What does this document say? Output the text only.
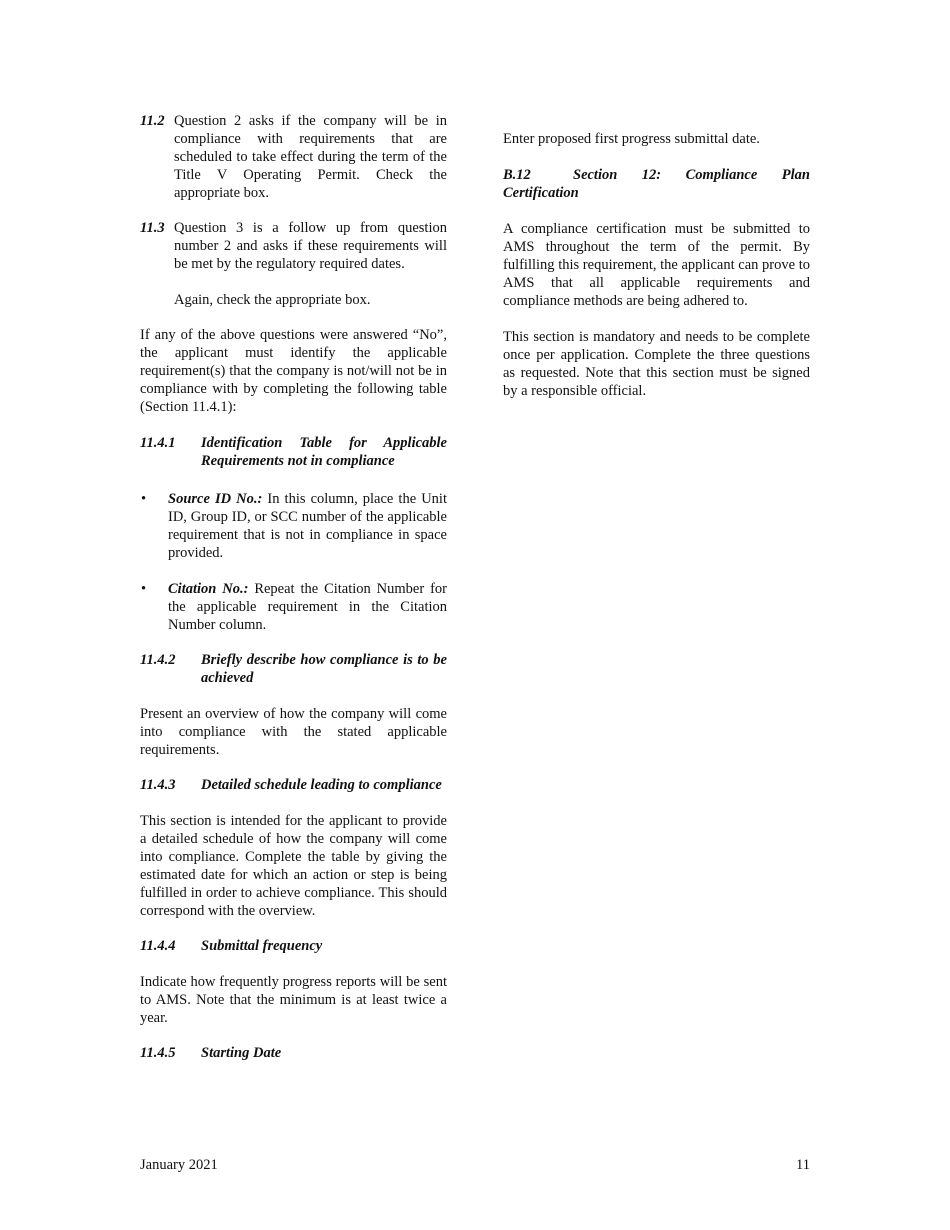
11.2 Question 2 asks if the company will be in compliance with requirements that are scheduled to take effect during the term of the Title V Operating Permit. Check the appropriate box.

11.3 Question 3 is a follow up from question number 2 and asks if these requirements will be met by the regulatory required dates.

Again, check the appropriate box.

If any of the above questions were answered “No”, the applicant must identify the applicable requirement(s) that the company is not/will not be in compliance with by completing the following table (Section 11.4.1):

11.4.1 Identification Table for Applicable Requirements not in compliance
• Source ID No.: In this column, place the Unit ID, Group ID, or SCC number of the applicable requirement that is not in compliance in space provided.

• Citation No.: Repeat the Citation Number for the applicable requirement in the Citation Number column.

11.4.2 Briefly describe how compliance is to be achieved

Present an overview of how the company will come into compliance with the stated applicable requirements.

11.4.3 Detailed schedule leading to compliance

This section is intended for the applicant to provide a detailed schedule of how the company will come into compliance. Complete the table by giving the estimated date for which an action or step is being fulfilled in order to achieve compliance. This should correspond with the overview.

11.4.4 Submittal frequency

Indicate how frequently progress reports will be sent to AMS. Note that the minimum is at least twice a year.

11.4.5 Starting Date

Enter proposed first progress submittal date.

B.12	Section 12: Compliance Plan Certification

A compliance certification must be submitted to AMS throughout the term of the permit. By fulfilling this requirement, the applicant can prove to AMS that all applicable requirements and compliance methods are being adhered to.

This section is mandatory and needs to be complete once per application. Complete the three questions as requested. Note that this section must be signed by a responsible official.

January 2021	11
